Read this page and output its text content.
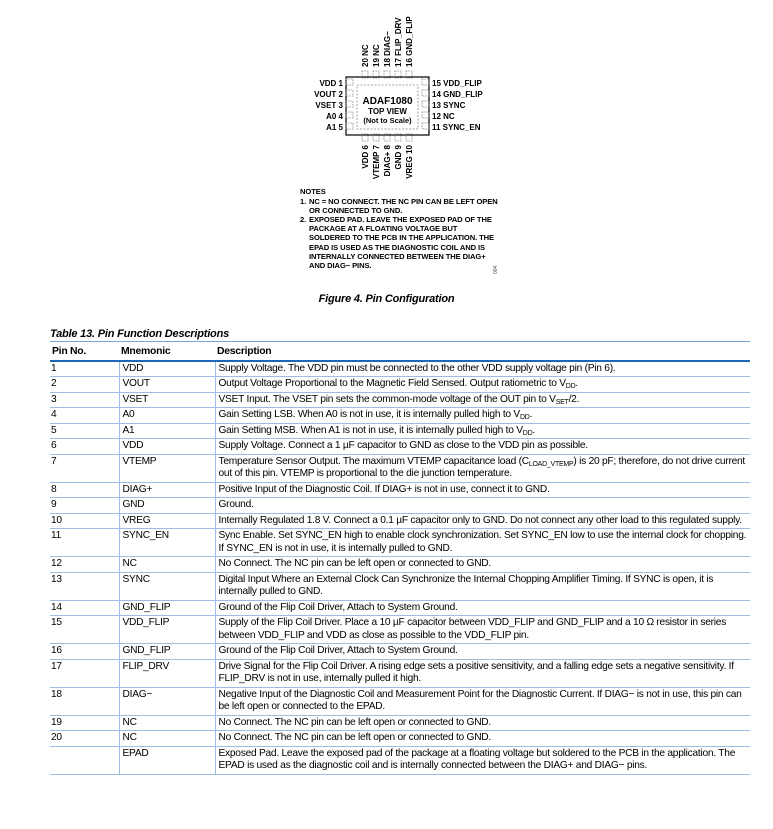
ADAF1080
TOP VIEW
(Not to Scale)
VDD 1
VOUT 2
VSET 3
A0 4
A1 5
15 VDD_FLIP
14 GND_FLIP
13 SYNC
12 NC
11 SYNC_EN
20 NC 19 NC 18 DIAG− 17 FLIP_DRV 16 GND_FLIP
VDD 6 VTEMP 7 DIAG+ 8 GND 9 VREG 10
NOTES
1. NC = NO CONNECT. THE NC PIN CAN BE LEFT OPEN OR CONNECTED TO GND.
2. EXPOSED PAD. LEAVE THE EXPOSED PAD OF THE PACKAGE AT A FLOATING VOLTAGE BUT SOLDERED TO THE PCB IN THE APPLICATION. THE EPAD IS USED AS THE DIAGNOSTIC COIL AND IS INTERNALLY CONNECTED BETWEEN THE DIAG+ AND DIAG− PINS.
004
Figure 4. Pin Configuration
Table 13. Pin Function Descriptions
Pin No.	Mnemonic	Description
1	VDD	Supply Voltage. The VDD pin must be connected to the other VDD supply voltage pin (Pin 6).
2	VOUT	Output Voltage Proportional to the Magnetic Field Sensed. Output ratiometric to $V_{DD}$.
3	VSET	VSET Input. The VSET pin sets the common-mode voltage of the OUT pin to $V_{SET}/2$.
4	A0	Gain Setting LSB. When A0 is not in use, it is internally pulled high to $V_{DD}$.
5	A1	Gain Setting MSB. When A1 is not in use, it is internally pulled high to $V_{DD}$.
6	VDD	Supply Voltage. Connect a 1 µF capacitor to GND as close to the VDD pin as possible.
7	VTEMP	Temperature Sensor Output. The maximum VTEMP capacitance load $(C_{LOAD\_VTEMP})$ is 20 pF; therefore, do not drive current out of this pin. VTEMP is proportional to the die junction temperature.
8	DIAG+	Positive Input of the Diagnostic Coil. If DIAG+ is not in use, connect it to GND.
9	GND	Ground.
10	VREG	Internally Regulated 1.8 V. Connect a 0.1 µF capacitor only to GND. Do not connect any other load to this regulated supply.
11	SYNC_EN	Sync Enable. Set SYNC_EN high to enable clock synchronization. Set SYNC_EN low to use the internal clock for chopping. If SYNC_EN is not in use, it is internally pulled to GND.
12	NC	No Connect. The NC pin can be left open or connected to GND.
13	SYNC	Digital Input Where an External Clock Can Synchronize the Internal Chopping Amplifier Timing. If SYNC is open, it is internally pulled to GND.
14	GND_FLIP	Ground of the Flip Coil Driver, Attach to System Ground.
15	VDD_FLIP	Supply of the Flip Coil Driver. Place a 10 µF capacitor between VDD_FLIP and GND_FLIP and a 10 Ω resistor in series between VDD_FLIP and VDD as close as possible to the VDD_FLIP pin.
16	GND_FLIP	Ground of the Flip Coil Driver, Attach to System Ground.
17	FLIP_DRV	Drive Signal for the Flip Coil Driver. A rising edge sets a positive sensitivity, and a falling edge sets a negative sensitivity. If FLIP_DRV is not in use, internally pulled it high.
18	DIAG−	Negative Input of the Diagnostic Coil and Measurement Point for the Diagnostic Current. If DIAG− is not in use, this pin can be left open or connected to the EPAD.
19	NC	No Connect. The NC pin can be left open or connected to GND.
20	NC	No Connect. The NC pin can be left open or connected to GND.
	EPAD	Exposed Pad. Leave the exposed pad of the package at a floating voltage but soldered to the PCB in the application. The EPAD is used as the diagnostic coil and is internally connected between the DIAG+ and DIAG− pins.
